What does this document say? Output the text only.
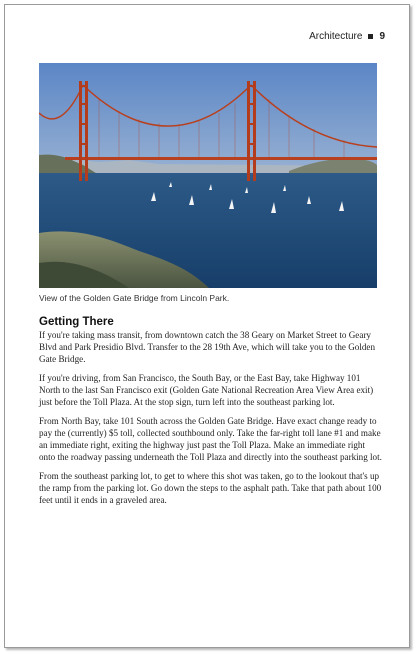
Architecture 9
View of the Golden Gate Bridge from Lincoln Park.
Getting There

If you're taking mass transit, from downtown catch the 38 Geary on Market Street to Geary Blvd and Park Presidio Blvd. Transfer to the 28 19th Ave, which will take you to the Golden Gate Bridge.

If you're driving, from San Francisco, the South Bay, or the East Bay, take Highway 101 North to the last San Francisco exit (Golden Gate National Recreation Area View Area exit) just before the Toll Plaza. At the stop sign, turn left into the southeast parking lot.

From North Bay, take 101 South across the Golden Gate Bridge. Have exact change ready to pay the (currently) $5 toll, collected southbound only. Take the far-right toll lane #1 and make an immediate right, exiting the highway just past the Toll Plaza. Make an immediate right onto the roadway passing underneath the Toll Plaza and directly into the southeast parking lot.

From the southeast parking lot, to get to where this shot was taken, go to the lookout that's up the ramp from the parking lot. Go down the steps to the asphalt path. Take that path about 100 feet until it ends in a graveled area.
